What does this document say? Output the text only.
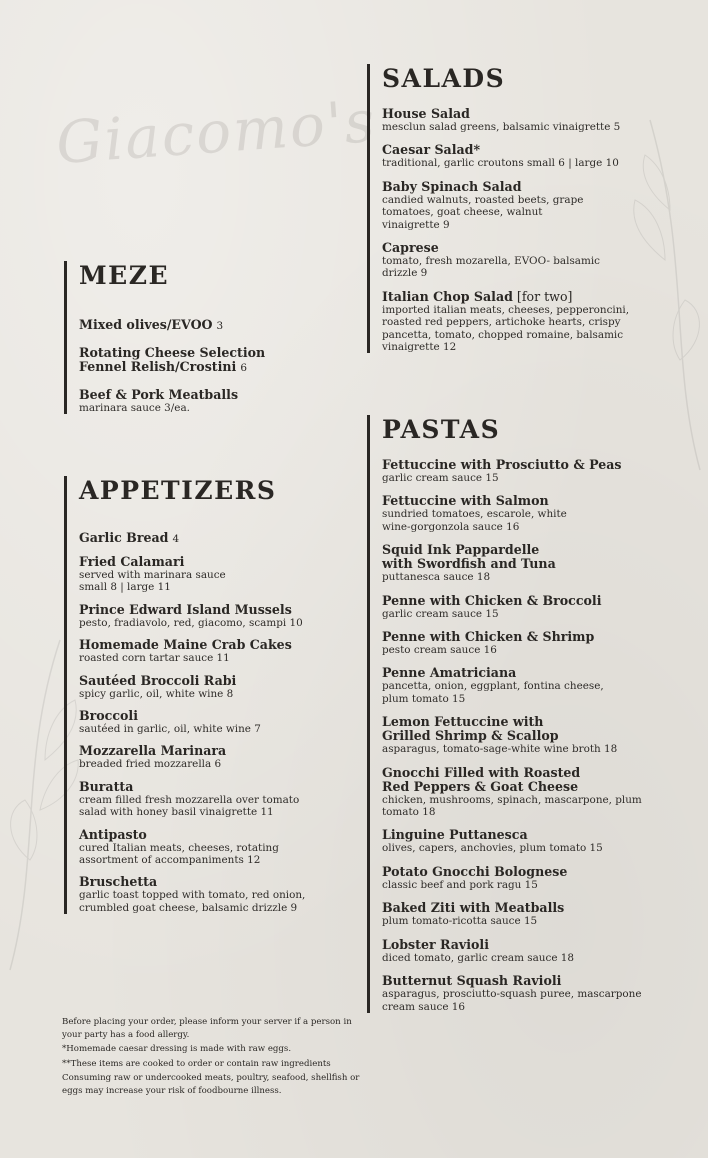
Giacomo's
MEZE
Mixed olives/EVOO 3
Rotating Cheese Selection
Fennel Relish/Crostini 6
Beef & Pork Meatballs
marinara sauce 3/ea.
APPETIZERS
Garlic Bread 4
Fried Calamari
served with marinara sauce
small 8 | large 11
Prince Edward Island Mussels
pesto, fradiavolo, red, giacomo, scampi 10
Homemade Maine Crab Cakes
roasted corn tartar sauce 11
Sautéed Broccoli Rabi
spicy garlic, oil, white wine 8
Broccoli
sautéed in garlic, oil, white wine 7
Mozzarella Marinara
breaded fried mozzarella 6
Buratta
cream filled fresh mozzarella over tomato
salad with honey basil vinaigrette 11
Antipasto
cured Italian meats, cheeses, rotating
assortment of accompaniments 12
Bruschetta
garlic toast topped with tomato, red onion,
crumbled goat cheese, balsamic drizzle 9
SALADS
House Salad
mesclun salad greens, balsamic vinaigrette 5
Caesar Salad*
traditional, garlic croutons small 6 | large 10
Baby Spinach Salad
candied walnuts, roasted beets, grape
tomatoes, goat cheese, walnut
vinaigrette 9
Caprese
tomato, fresh mozarella, EVOO- balsamic
drizzle 9
Italian Chop Salad [for two]
imported italian meats, cheeses, pepperoncini,
roasted red peppers, artichoke hearts, crispy
pancetta, tomato, chopped romaine, balsamic
vinaigrette 12
PASTAS
Fettuccine with Prosciutto & Peas
garlic cream sauce 15
Fettuccine with Salmon
sundried tomatoes, escarole, white
wine-gorgonzola sauce 16
Squid Ink Pappardelle
with Swordfish and Tuna
puttanesca sauce 18
Penne with Chicken & Broccoli
garlic cream sauce 15
Penne with Chicken & Shrimp
pesto cream sauce 16
Penne Amatriciana
pancetta, onion, eggplant, fontina cheese,
plum tomato 15
Lemon Fettuccine with
Grilled Shrimp & Scallop
asparagus, tomato-sage-white wine broth 18
Gnocchi Filled with Roasted
Red Peppers & Goat Cheese
chicken, mushrooms, spinach, mascarpone, plum
tomato 18
Linguine Puttanesca
olives, capers, anchovies, plum tomato 15
Potato Gnocchi Bolognese
classic beef and pork ragu 15
Baked Ziti with Meatballs
plum tomato-ricotta sauce 15
Lobster Ravioli
diced tomato, garlic cream sauce 18
Butternut Squash Ravioli
asparagus, prosciutto-squash puree, mascarpone
cream sauce 16

Before placing your order, please inform your server if a person in your party has a food allergy.

*Homemade caesar dressing is made with raw eggs.

**These items are cooked to order or contain raw ingredients

Consuming raw or undercooked meats, poultry, seafood, shellfish or eggs may increase your risk of foodbourne illness.
